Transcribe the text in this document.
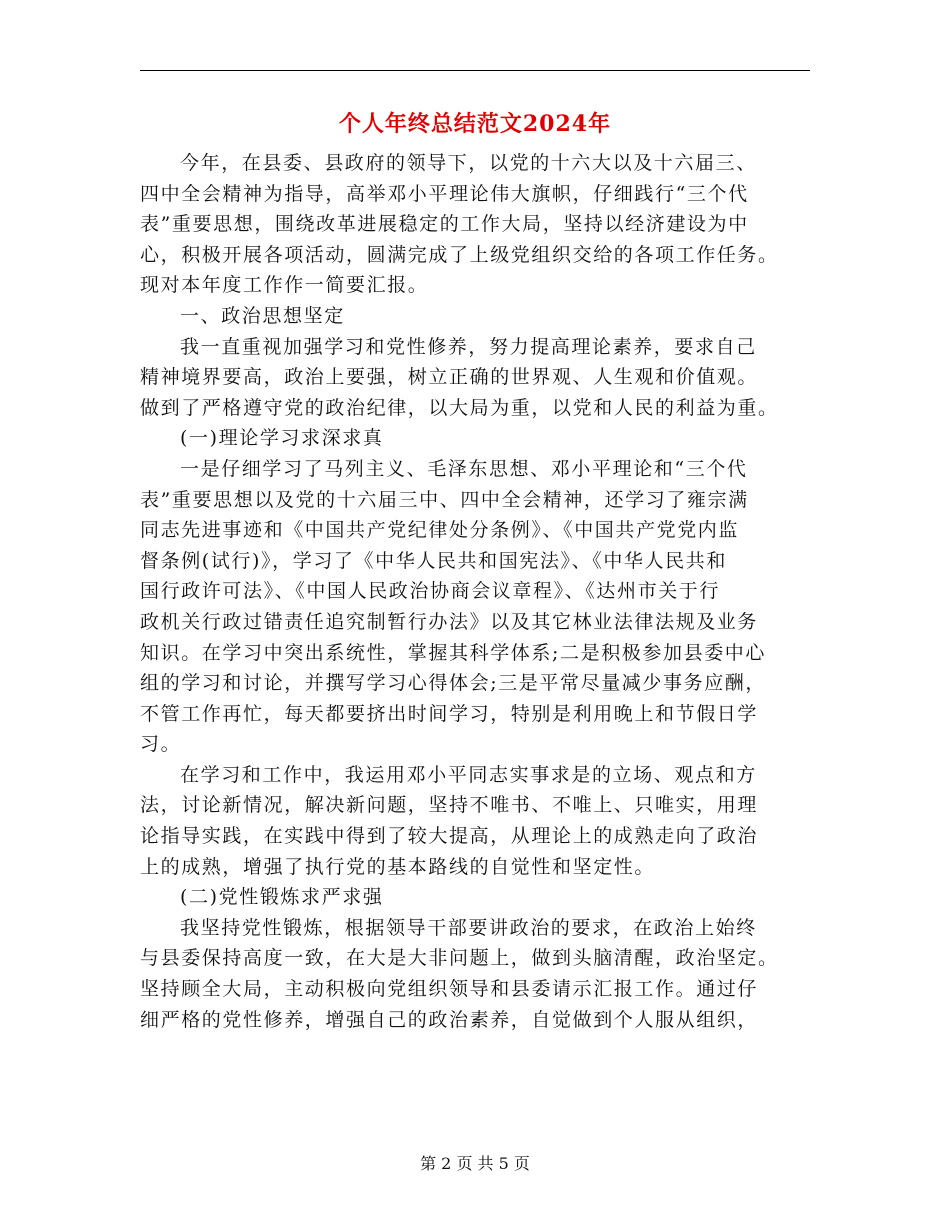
个人年终总结范文2024年
今年，在县委、县政府的领导下，以党的十六大以及十六届三、
四中全会精神为指导，高举邓小平理论伟大旗帜，仔细践行“三个代
表”重要思想，围绕改革进展稳定的工作大局，坚持以经济建设为中
心，积极开展各项活动，圆满完成了上级党组织交给的各项工作任务。
现对本年度工作作一简要汇报。
一、政治思想坚定
我一直重视加强学习和党性修养，努力提高理论素养，要求自己
精神境界要高，政治上要强，树立正确的世界观、人生观和价值观。
做到了严格遵守党的政治纪律，以大局为重，以党和人民的利益为重。
(一)理论学习求深求真
一是仔细学习了马列主义、毛泽东思想、邓小平理论和“三个代
表”重要思想以及党的十六届三中、四中全会精神，还学习了雍宗满
同志先进事迹和《中国共产党纪律处分条例》、《中国共产党党内监
督条例(试行)》，学习了《中华人民共和国宪法》、《中华人民共和
国行政许可法》、《中国人民政治协商会议章程》、《达州市关于行
政机关行政过错责任追究制暂行办法》以及其它林业法律法规及业务
知识。在学习中突出系统性，掌握其科学体系;二是积极参加县委中心
组的学习和讨论，并撰写学习心得体会;三是平常尽量减少事务应酬，
不管工作再忙，每天都要挤出时间学习，特别是利用晚上和节假日学
习。
在学习和工作中，我运用邓小平同志实事求是的立场、观点和方
法，讨论新情况，解决新问题，坚持不唯书、不唯上、只唯实，用理
论指导实践，在实践中得到了较大提高，从理论上的成熟走向了政治
上的成熟，增强了执行党的基本路线的自觉性和坚定性。
(二)党性锻炼求严求强
我坚持党性锻炼，根据领导干部要讲政治的要求，在政治上始终
与县委保持高度一致，在大是大非问题上，做到头脑清醒，政治坚定。
坚持顾全大局，主动积极向党组织领导和县委请示汇报工作。通过仔
细严格的党性修养，增强自己的政治素养，自觉做到个人服从组织，
第 2 页 共 5 页
